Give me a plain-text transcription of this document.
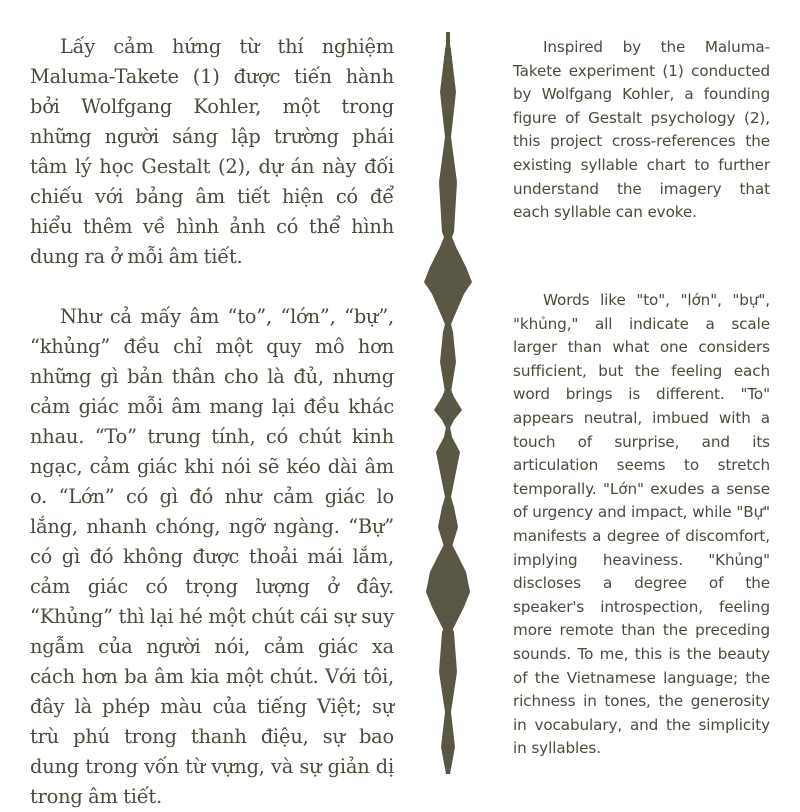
Lấy cảm hứng từ thí nghiệm Maluma-Takete (1) được tiến hành bởi Wolfgang Kohler, một trong những người sáng lập trường phái tâm lý học Gestalt (2), dự án này đối chiếu với bảng âm tiết hiện có để hiểu thêm về hình ảnh có thể hình dung ra ở mỗi âm tiết.

Như cả mấy âm “to”, “lớn”, “bự”, “khủng” đều chỉ một quy mô hơn những gì bản thân cho là đủ, nhưng cảm giác mỗi âm mang lại đều khác nhau. “To” trung tính, có chút kinh ngạc, cảm giác khi nói sẽ kéo dài âm o. “Lớn” có gì đó như cảm giác lo lắng, nhanh chóng, ngỡ ngàng. “Bự” có gì đó không được thoải mái lắm, cảm giác có trọng lượng ở đây. “Khủng” thì lại hé một chút cái sự suy ngẫm của người nói, cảm giác xa cách hơn ba âm kia một chút. Với tôi, đây là phép màu của tiếng Việt; sự trù phú trong thanh điệu, sự bao dung trong vốn từ vựng, và sự giản dị trong âm tiết.

Inspired by the Maluma-Takete experiment (1) conducted by Wolfgang Kohler, a founding figure of Gestalt psychology (2), this project cross-references the existing syllable chart to further understand the imagery that each syllable can evoke.

Words like "to", "lớn", "bự", "khủng," all indicate a scale larger than what one considers sufficient, but the feeling each word brings is different. "To" appears neutral, imbued with a touch of surprise, and its articulation seems to stretch temporally. "Lớn" exudes a sense of urgency and impact, while "Bự" manifests a degree of discomfort, implying heaviness. "Khủng" discloses a degree of the speaker's introspection, feeling more remote than the preceding sounds. To me, this is the beauty of the Vietnamese language; the richness in tones, the generosity in vocabulary, and the simplicity in syllables.
